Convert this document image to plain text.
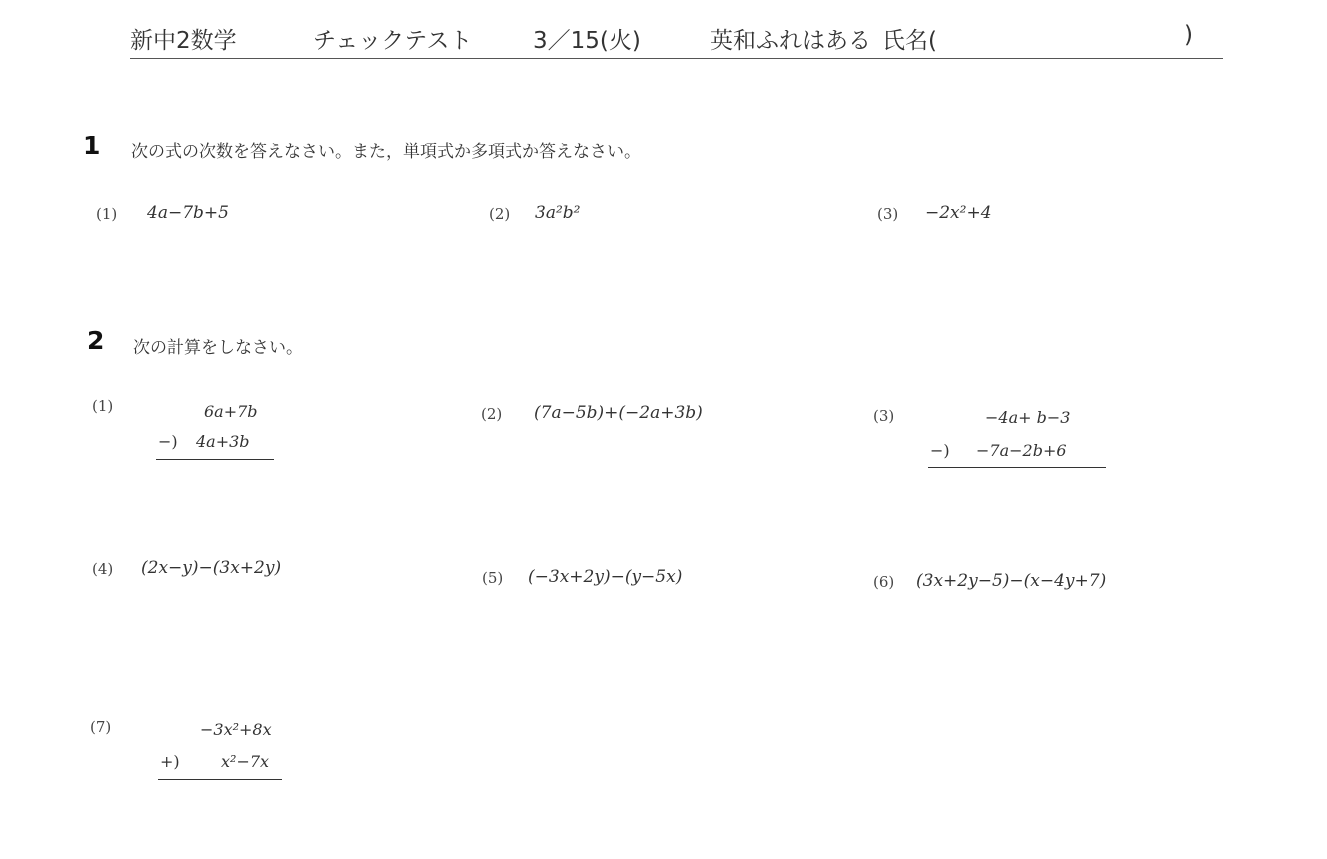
新中2数学	チェックテスト	3／15(火)	英和ふれはある 氏名(	)
1 次の式の次数を答えなさい。また，単項式か多項式か答えなさい。
(1) 4a−7b+5	(2) 3a²b²	(3) −2x²+4
2 次の計算をしなさい。
(1)	6a+7b
−) 4a+3b
(2) (7a−5b)+(−2a+3b)	(3)	−4a+ b−3
−) −7a−2b+6
(4) (2x−y)−(3x+2y)	(5) (−3x+2y)−(y−5x)	(6) (3x+2y−5)−(x−4y+7)
(7)	−3x²+8x
+)	x²−7x
